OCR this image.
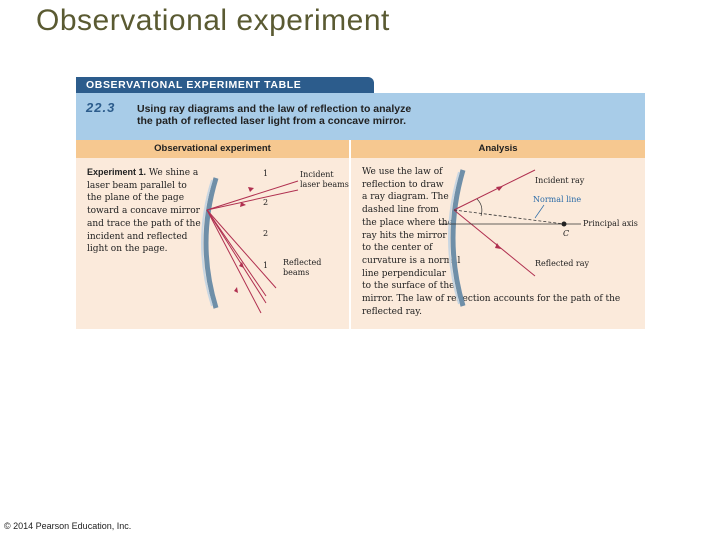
Observational experiment
OBSERVATIONAL EXPERIMENT TABLE
22.3 Using ray diagrams and the law of reflection to analyze
the path of reflected laser light from a concave mirror.
Observational experiment	Analysis
Experiment 1. We shine a laser beam parallel to the plane of the page toward a concave mirror and trace the path of the incident and reflected light on the page.
1
2
2
1
Incident
laser beams
Reflected
beams
We use the law of
reflection to draw
a ray diagram. The
dashed line from
the place where the
ray hits the mirror
to the center of
curvature is a normal
line perpendicular
to the surface of the
mirror. The law of reflection accounts for the path of the
reflected ray.
Incident ray
Normal line
Principal axis
C
Reflected ray
© 2014 Pearson Education, Inc.
